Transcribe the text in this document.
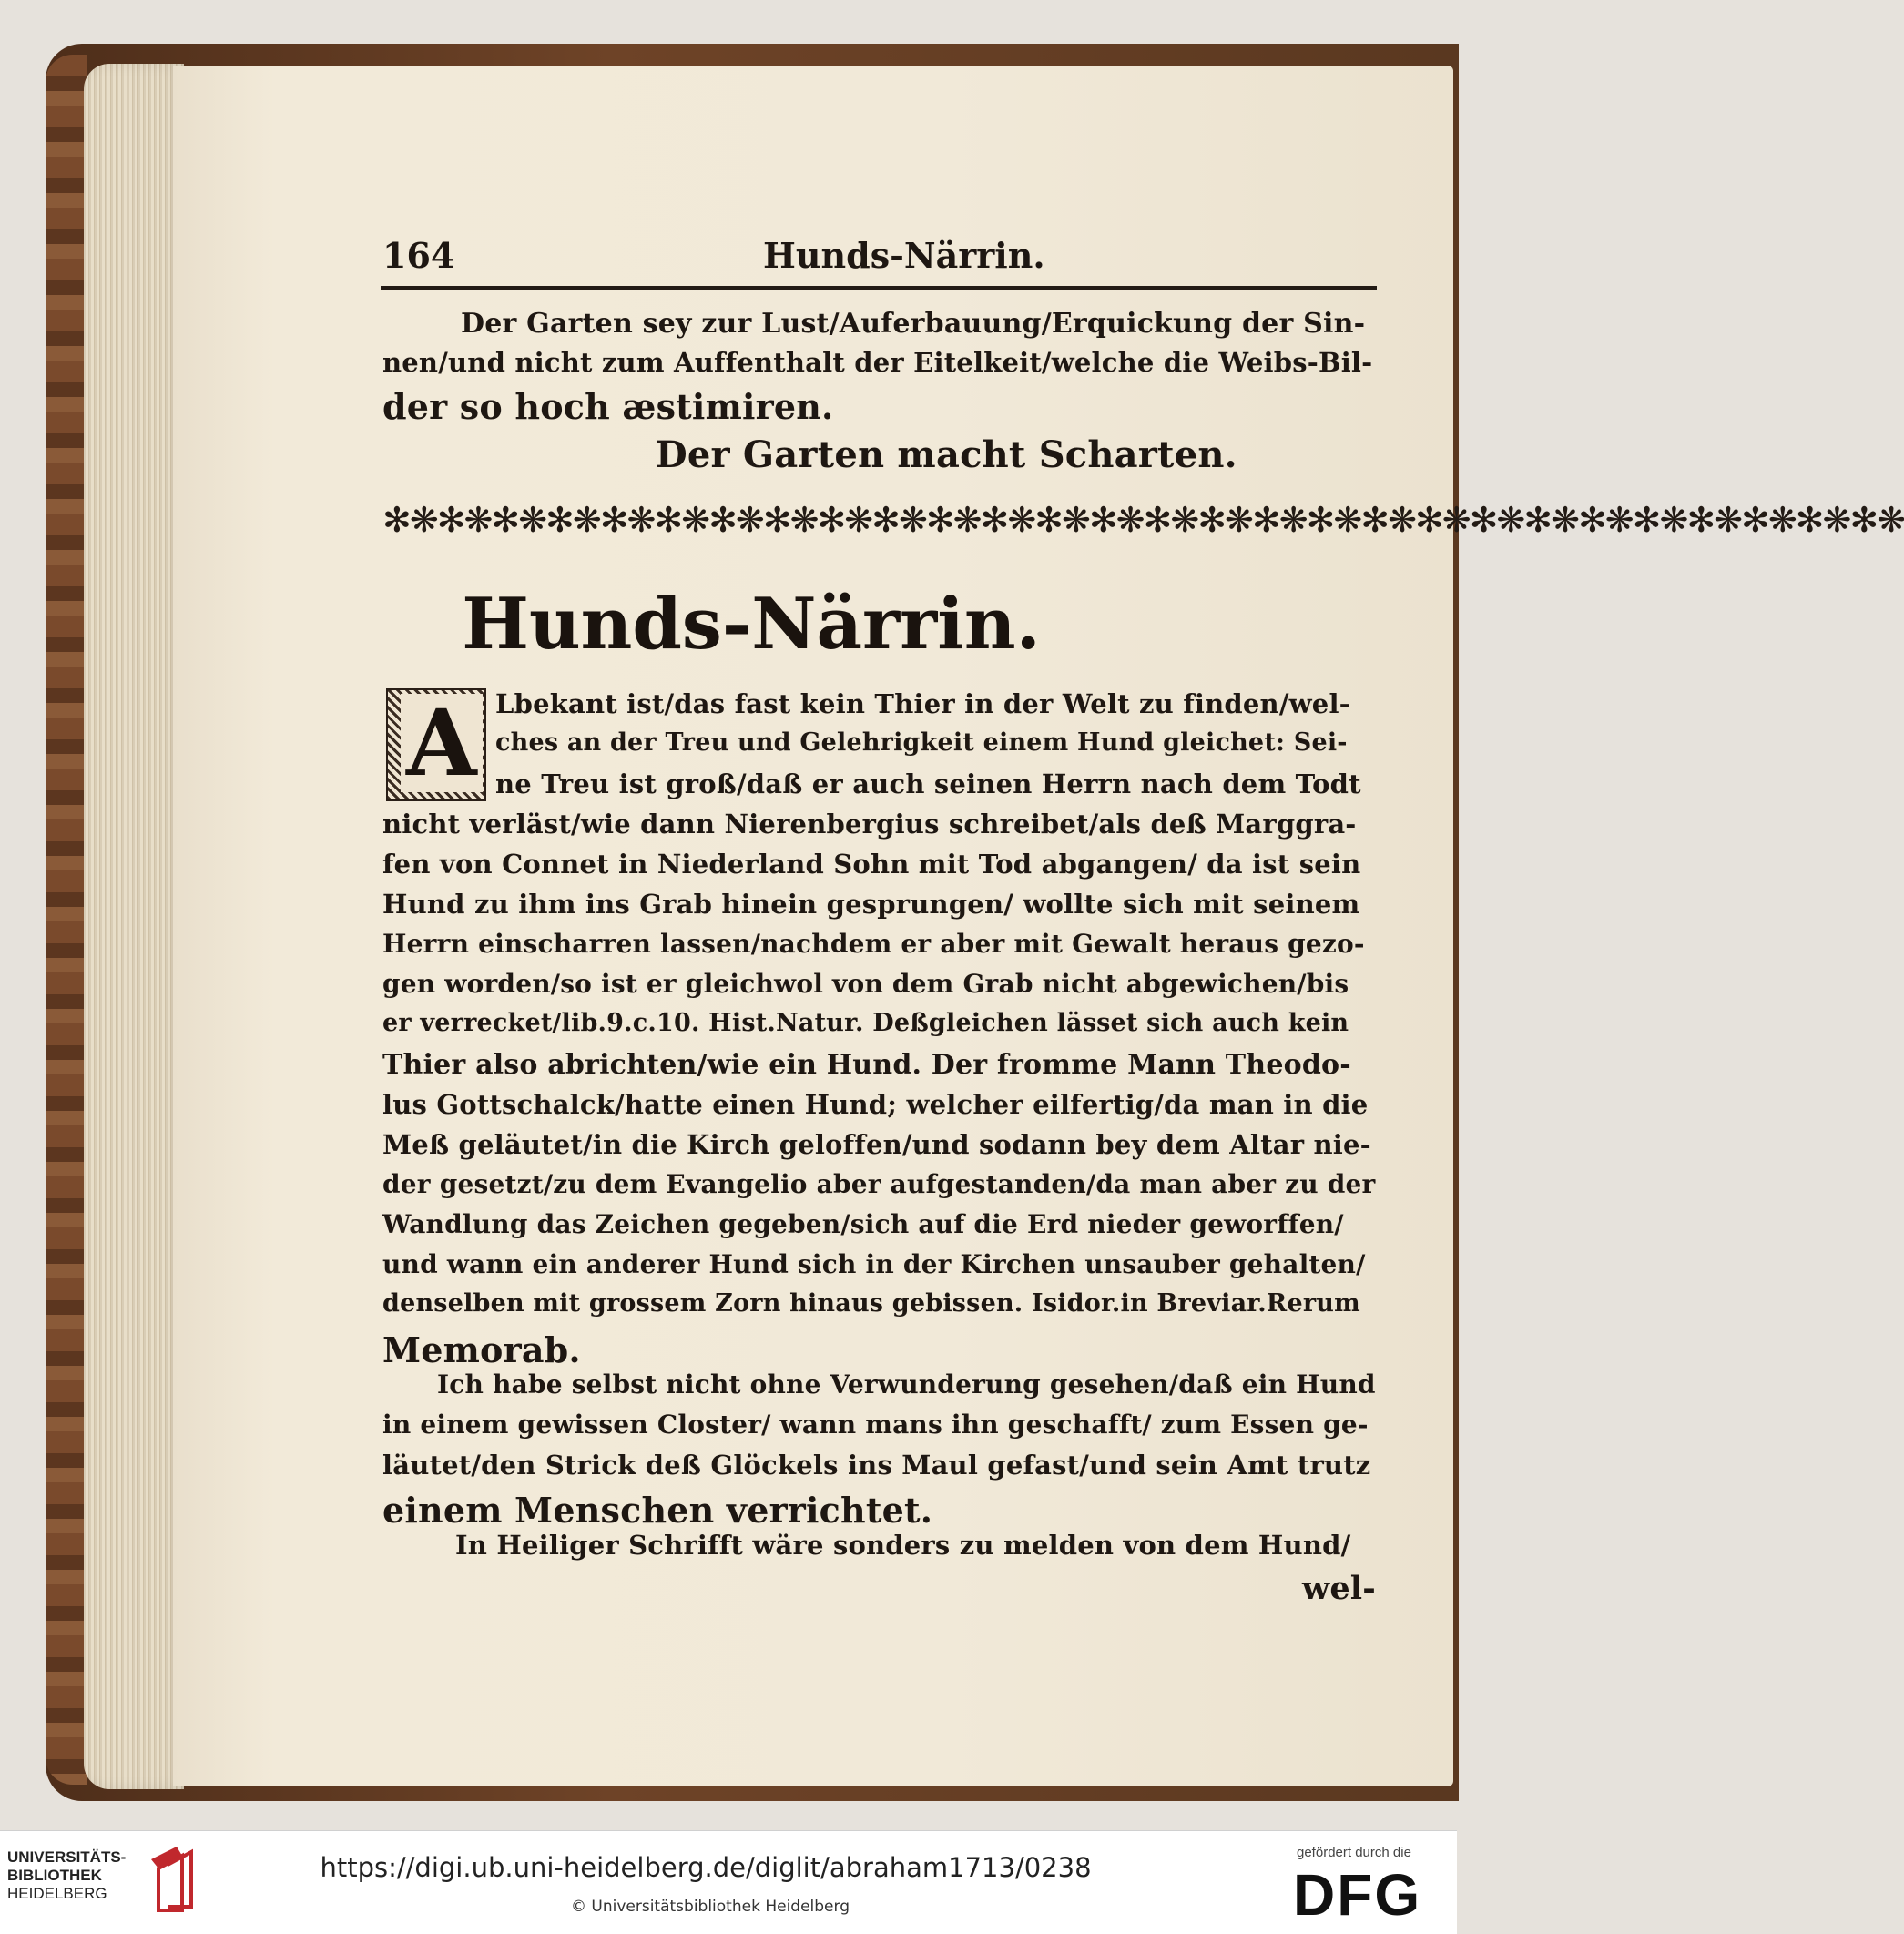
164	Hunds-Närrin.
Der Garten sey zur Lust/Auferbauung/Erquickung der Sin-
nen/und nicht zum Auffenthalt der Eitelkeit/welche die Weibs-Bil-
der so hoch æstimiren.
Der Garten macht Scharten.
✻❋✻❋✻❋✻❋✻❋✻❋✻❋✻❋✻❋✻❋✻❋✻❋✻❋✻❋✻❋✻❋✻❋✻❋✻❋✻❋✻❋✻❋✻❋✻❋✻❋✻❋✻❋✻❋
Hunds-Närrin.
A Lbekant ist/das fast kein Thier in der Welt zu finden/wel-
ches an der Treu und Gelehrigkeit einem Hund gleichet: Sei-
ne Treu ist groß/daß er auch seinen Herrn nach dem Todt
nicht verläst/wie dann Nierenbergius schreibet/als deß Marggra-
fen von Connet in Niederland Sohn mit Tod abgangen/ da ist sein
Hund zu ihm ins Grab hinein gesprungen/ wollte sich mit seinem
Herrn einscharren lassen/nachdem er aber mit Gewalt heraus gezo-
gen worden/so ist er gleichwol von dem Grab nicht abgewichen/bis
er verrecket/lib.9.c.10. Hist.Natur. Deßgleichen lässet sich auch kein
Thier also abrichten/wie ein Hund. Der fromme Mann Theodo-
lus Gottschalck/hatte einen Hund; welcher eilfertig/da man in die
Meß geläutet/in die Kirch geloffen/und sodann bey dem Altar nie-
der gesetzt/zu dem Evangelio aber aufgestanden/da man aber zu der
Wandlung das Zeichen gegeben/sich auf die Erd nieder geworffen/
und wann ein anderer Hund sich in der Kirchen unsauber gehalten/
denselben mit grossem Zorn hinaus gebissen. Isidor.in Breviar.Rerum
Memorab.
Ich habe selbst nicht ohne Verwunderung gesehen/daß ein Hund
in einem gewissen Closter/ wann mans ihn geschafft/ zum Essen ge-
läutet/den Strick deß Glöckels ins Maul gefast/und sein Amt trutz
einem Menschen verrichtet.
In Heiliger Schrifft wäre sonders zu melden von dem Hund/
wel-
UNIVERSITÄTS-
BIBLIOTHEK
HEIDELBERG
https://digi.ub.uni-heidelberg.de/diglit/abraham1713/0238
© Universitätsbibliothek Heidelberg
gefördert durch die
DFG
